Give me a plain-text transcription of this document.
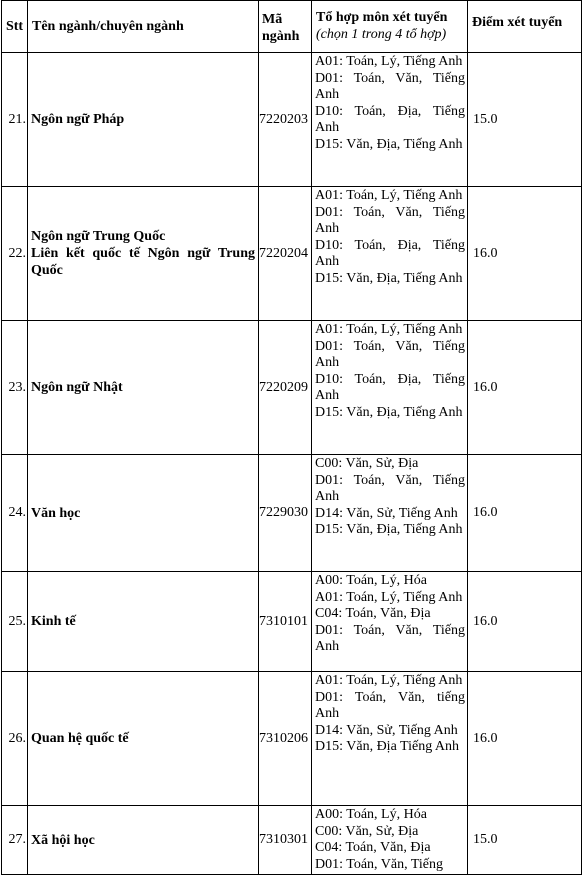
Stt	Tên ngành/chuyên ngành	Mã ngành	Tổ hợp môn xét tuyển
(chọn 1 trong 4 tổ hợp)	Điểm xét tuyển
21.	Ngôn ngữ Pháp	7220203	A01: Toán, Lý, Tiếng Anh
D01: Toán, Văn, Tiếng Anh
D10: Toán, Địa, Tiếng Anh
D15: Văn, Địa, Tiếng Anh	15.0
22.	Ngôn ngữ Trung Quốc
Liên kết quốc tế Ngôn ngữ Trung Quốc	7220204	A01: Toán, Lý, Tiếng Anh
D01: Toán, Văn, Tiếng Anh
D10: Toán, Địa, Tiếng Anh
D15: Văn, Địa, Tiếng Anh	16.0
23.	Ngôn ngữ Nhật	7220209	A01: Toán, Lý, Tiếng Anh
D01: Toán, Văn, Tiếng Anh
D10: Toán, Địa, Tiếng Anh
D15: Văn, Địa, Tiếng Anh	16.0
24.	Văn học	7229030	C00: Văn, Sử, Địa
D01: Toán, Văn, Tiếng Anh
D14: Văn, Sử, Tiếng Anh
D15: Văn, Địa, Tiếng Anh	16.0
25.	Kinh tế	7310101	A00: Toán, Lý, Hóa
A01: Toán, Lý, Tiếng Anh
C04: Toán, Văn, Địa
D01: Toán, Văn, Tiếng Anh	16.0
26.	Quan hệ quốc tế	7310206	A01: Toán, Lý, Tiếng Anh
D01: Toán, Văn, tiếng Anh
D14: Văn, Sử, Tiếng Anh
D15: Văn, Địa Tiếng Anh	16.0
27.	Xã hội học	7310301	A00: Toán, Lý, Hóa
C00: Văn, Sử, Địa
C04: Toán, Văn, Địa
D01: Toán, Văn, Tiếng	15.0
